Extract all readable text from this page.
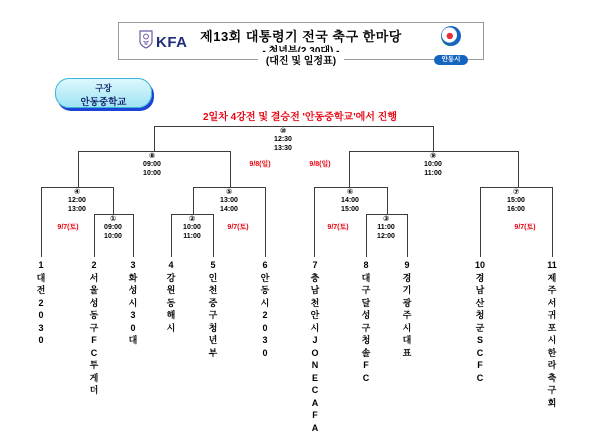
KFA 제13회 대통령기 전국 축구 한마당
(대진 및 일정표)	안동시
구장
안동중학교
2일차 4강전 및 결승전 '안동중학교'에서 진행
①
09:00
10:00
②
10:00
11:00
③
11:00
12:00
④
12:00
13:00
⑤
13:00
14:00
⑥
14:00
15:00
⑦
15:00
16:00
⑧
09:00
10:00
⑨
10:00
11:00
⑩
12:30
13:30
9/7(토)	9/7(토)	9/7(토)	9/7(토)
9/8(일)	9/8(일)
1
대
전
2
0
3
0
2
서
울
성
동
구
F
C
투
게
더
3
화
성
시
3
0
대
4
강
원
동
해
시
5
인
천
중
구
청
년
부
6
안
동
시
2
0
3
0
7
충
남
천
안
시
J
O
N
E
C
A
F
A
8
대
구
달
성
구
청
솔
F
C
9
경
기
광
주
시
대
표
10
경
남
산
청
군
S
C
F
C
11
제
주
서
귀
포
시
한
라
축
구
회
